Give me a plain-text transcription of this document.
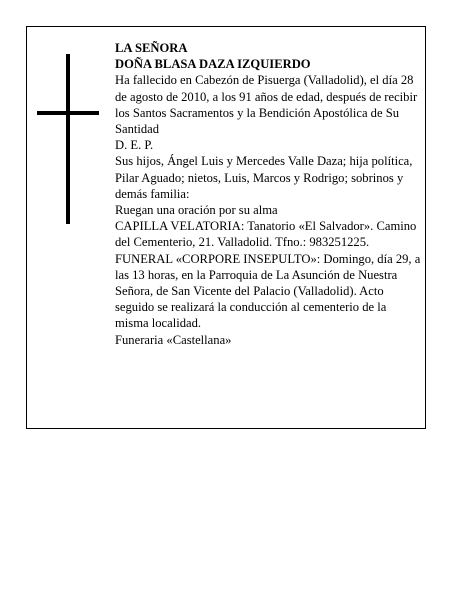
LA SEÑORA

DOÑA BLASA DAZA IZQUIERDO

Ha fallecido en Cabezón de Pisuerga (Valladolid), el día 28 de agosto de 2010, a los 91 años de edad, después de recibir los Santos Sacramentos y la Bendición Apostólica de Su Santidad

D. E. P.

Sus hijos, Ángel Luis y Mercedes Valle Daza; hija política, Pilar Aguado; nietos, Luis, Marcos y Rodrigo; sobrinos y demás familia:

Ruegan una oración por su alma

CAPILLA VELATORIA: Tanatorio «El Salvador». Camino del Cementerio, 21. Valladolid. Tfno.: 983251225.

FUNERAL «CORPORE INSEPULTO»: Domingo, día 29, a las 13 horas, en la Parroquia de La Asunción de Nuestra Señora, de San Vicente del Palacio (Valladolid). Acto seguido se realizará la conducción al cementerio de la misma localidad.

Funeraria «Castellana»
